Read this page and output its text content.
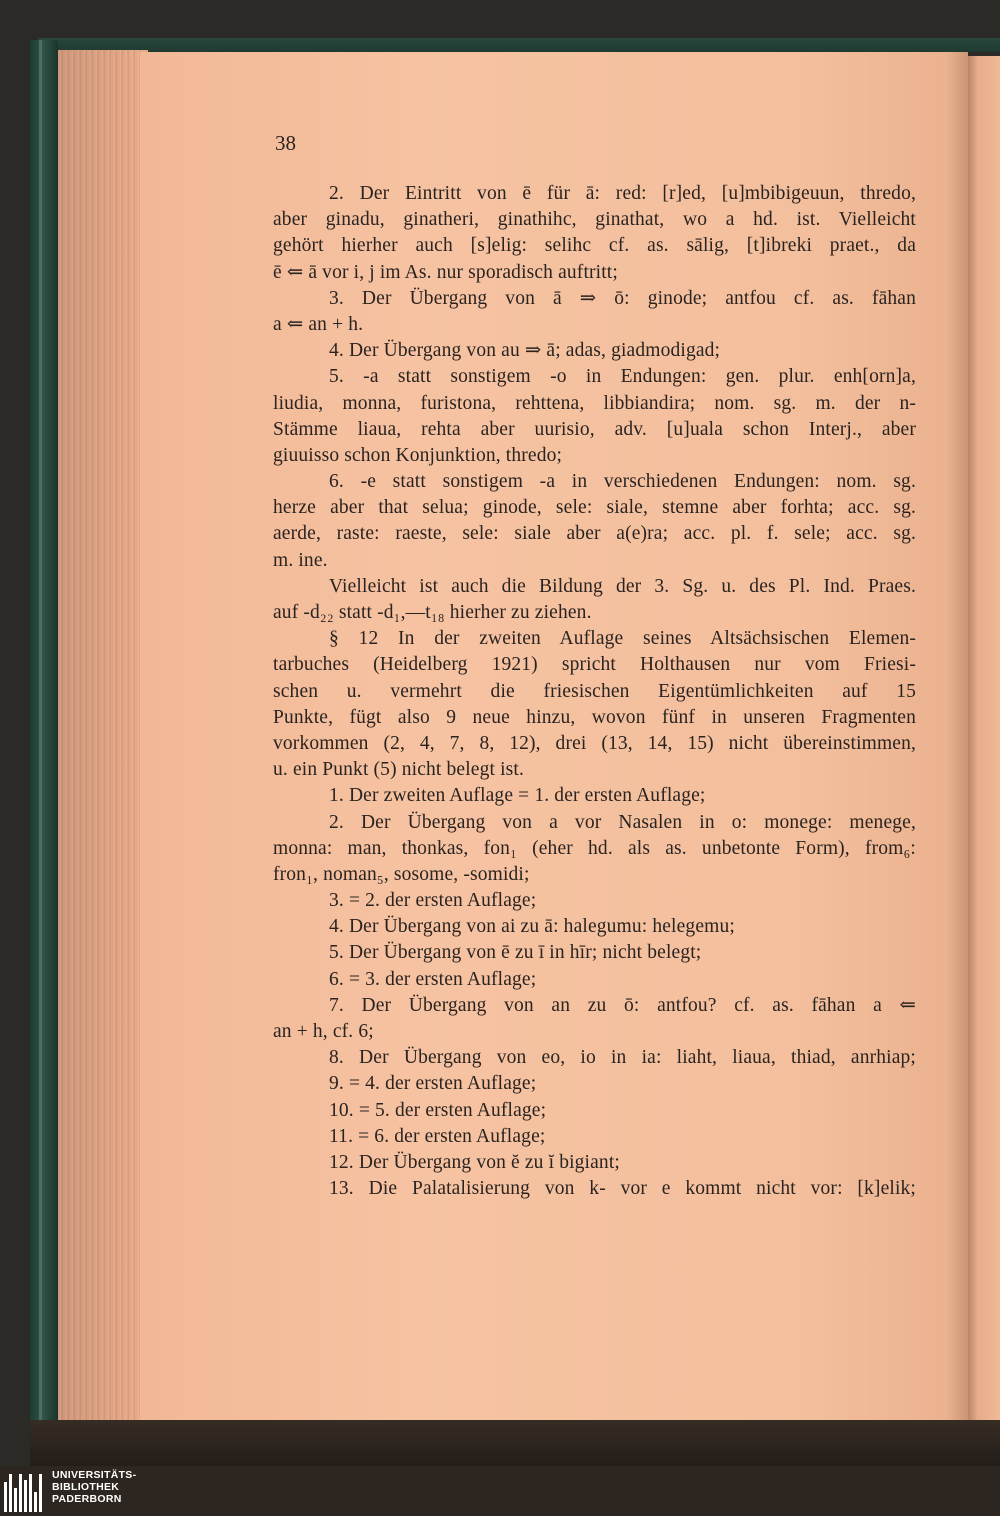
38
2. Der Eintritt von ē für ā: red: [r]ed, [u]mbibigeuun, thredo,
aber ginadu, ginatheri, ginathihc, ginathat, wo a hd. ist. Vielleicht
gehört hierher auch [s]elig: selihc cf. as. sālig, [t]ibreki praet., da
ē ⇐ ā vor i, j im As. nur sporadisch auftritt;
3. Der Übergang von ā ⇒ ō: ginode; antfou cf. as. fāhan
a ⇐ an + h.
4. Der Übergang von au ⇒ ā; adas, giadmodigad;
5. -a statt sonstigem -o in Endungen: gen. plur. enh[orn]a,
liudia, monna, furistona, rehttena, libbiandira; nom. sg. m. der n-
Stämme liaua, rehta aber uurisio, adv. [u]uala schon Interj., aber
giuuisso schon Konjunktion, thredo;
6. -e statt sonstigem -a in verschiedenen Endungen: nom. sg.
herze aber that selua; ginode, sele: siale, stemne aber forhta; acc. sg.
aerde, raste: raeste, sele: siale aber a(e)ra; acc. pl. f. sele; acc. sg.
m. ine.
Vielleicht ist auch die Bildung der 3. Sg. u. des Pl. Ind. Praes.
auf -d₂₂ statt -d₁,—t₁₈ hierher zu ziehen.
§ 12 In der zweiten Auflage seines Altsächsischen Elemen-
tarbuches (Heidelberg 1921) spricht Holthausen nur vom Friesi-
schen u. vermehrt die friesischen Eigentümlichkeiten auf 15
Punkte, fügt also 9 neue hinzu, wovon fünf in unseren Fragmenten
vorkommen (2, 4, 7, 8, 12), drei (13, 14, 15) nicht übereinstimmen,
u. ein Punkt (5) nicht belegt ist.
1. Der zweiten Auflage = 1. der ersten Auflage;
2. Der Übergang von a vor Nasalen in o: monege: menege,
monna: man, thonkas, fon₁ (eher hd. als as. unbetonte Form), from₆:
fron₁, noman₅, sosome, -somidi;
3. = 2. der ersten Auflage;
4. Der Übergang von ai zu ā: halegumu: helegemu;
5. Der Übergang von ē zu ī in hīr; nicht belegt;
6. = 3. der ersten Auflage;
7. Der Übergang von an zu ō: antfou? cf. as. fāhan a ⇐
an + h, cf. 6;
8. Der Übergang von eo, io in ia: liaht, liaua, thiad, anrhiap;
9. = 4. der ersten Auflage;
10. = 5. der ersten Auflage;
11. = 6. der ersten Auflage;
12. Der Übergang von ĕ zu ĭ bigiant;
13. Die Palatalisierung von k- vor e kommt nicht vor: [k]elik;
UNIVERSITÄTS-
BIBLIOTHEK
PADERBORN
